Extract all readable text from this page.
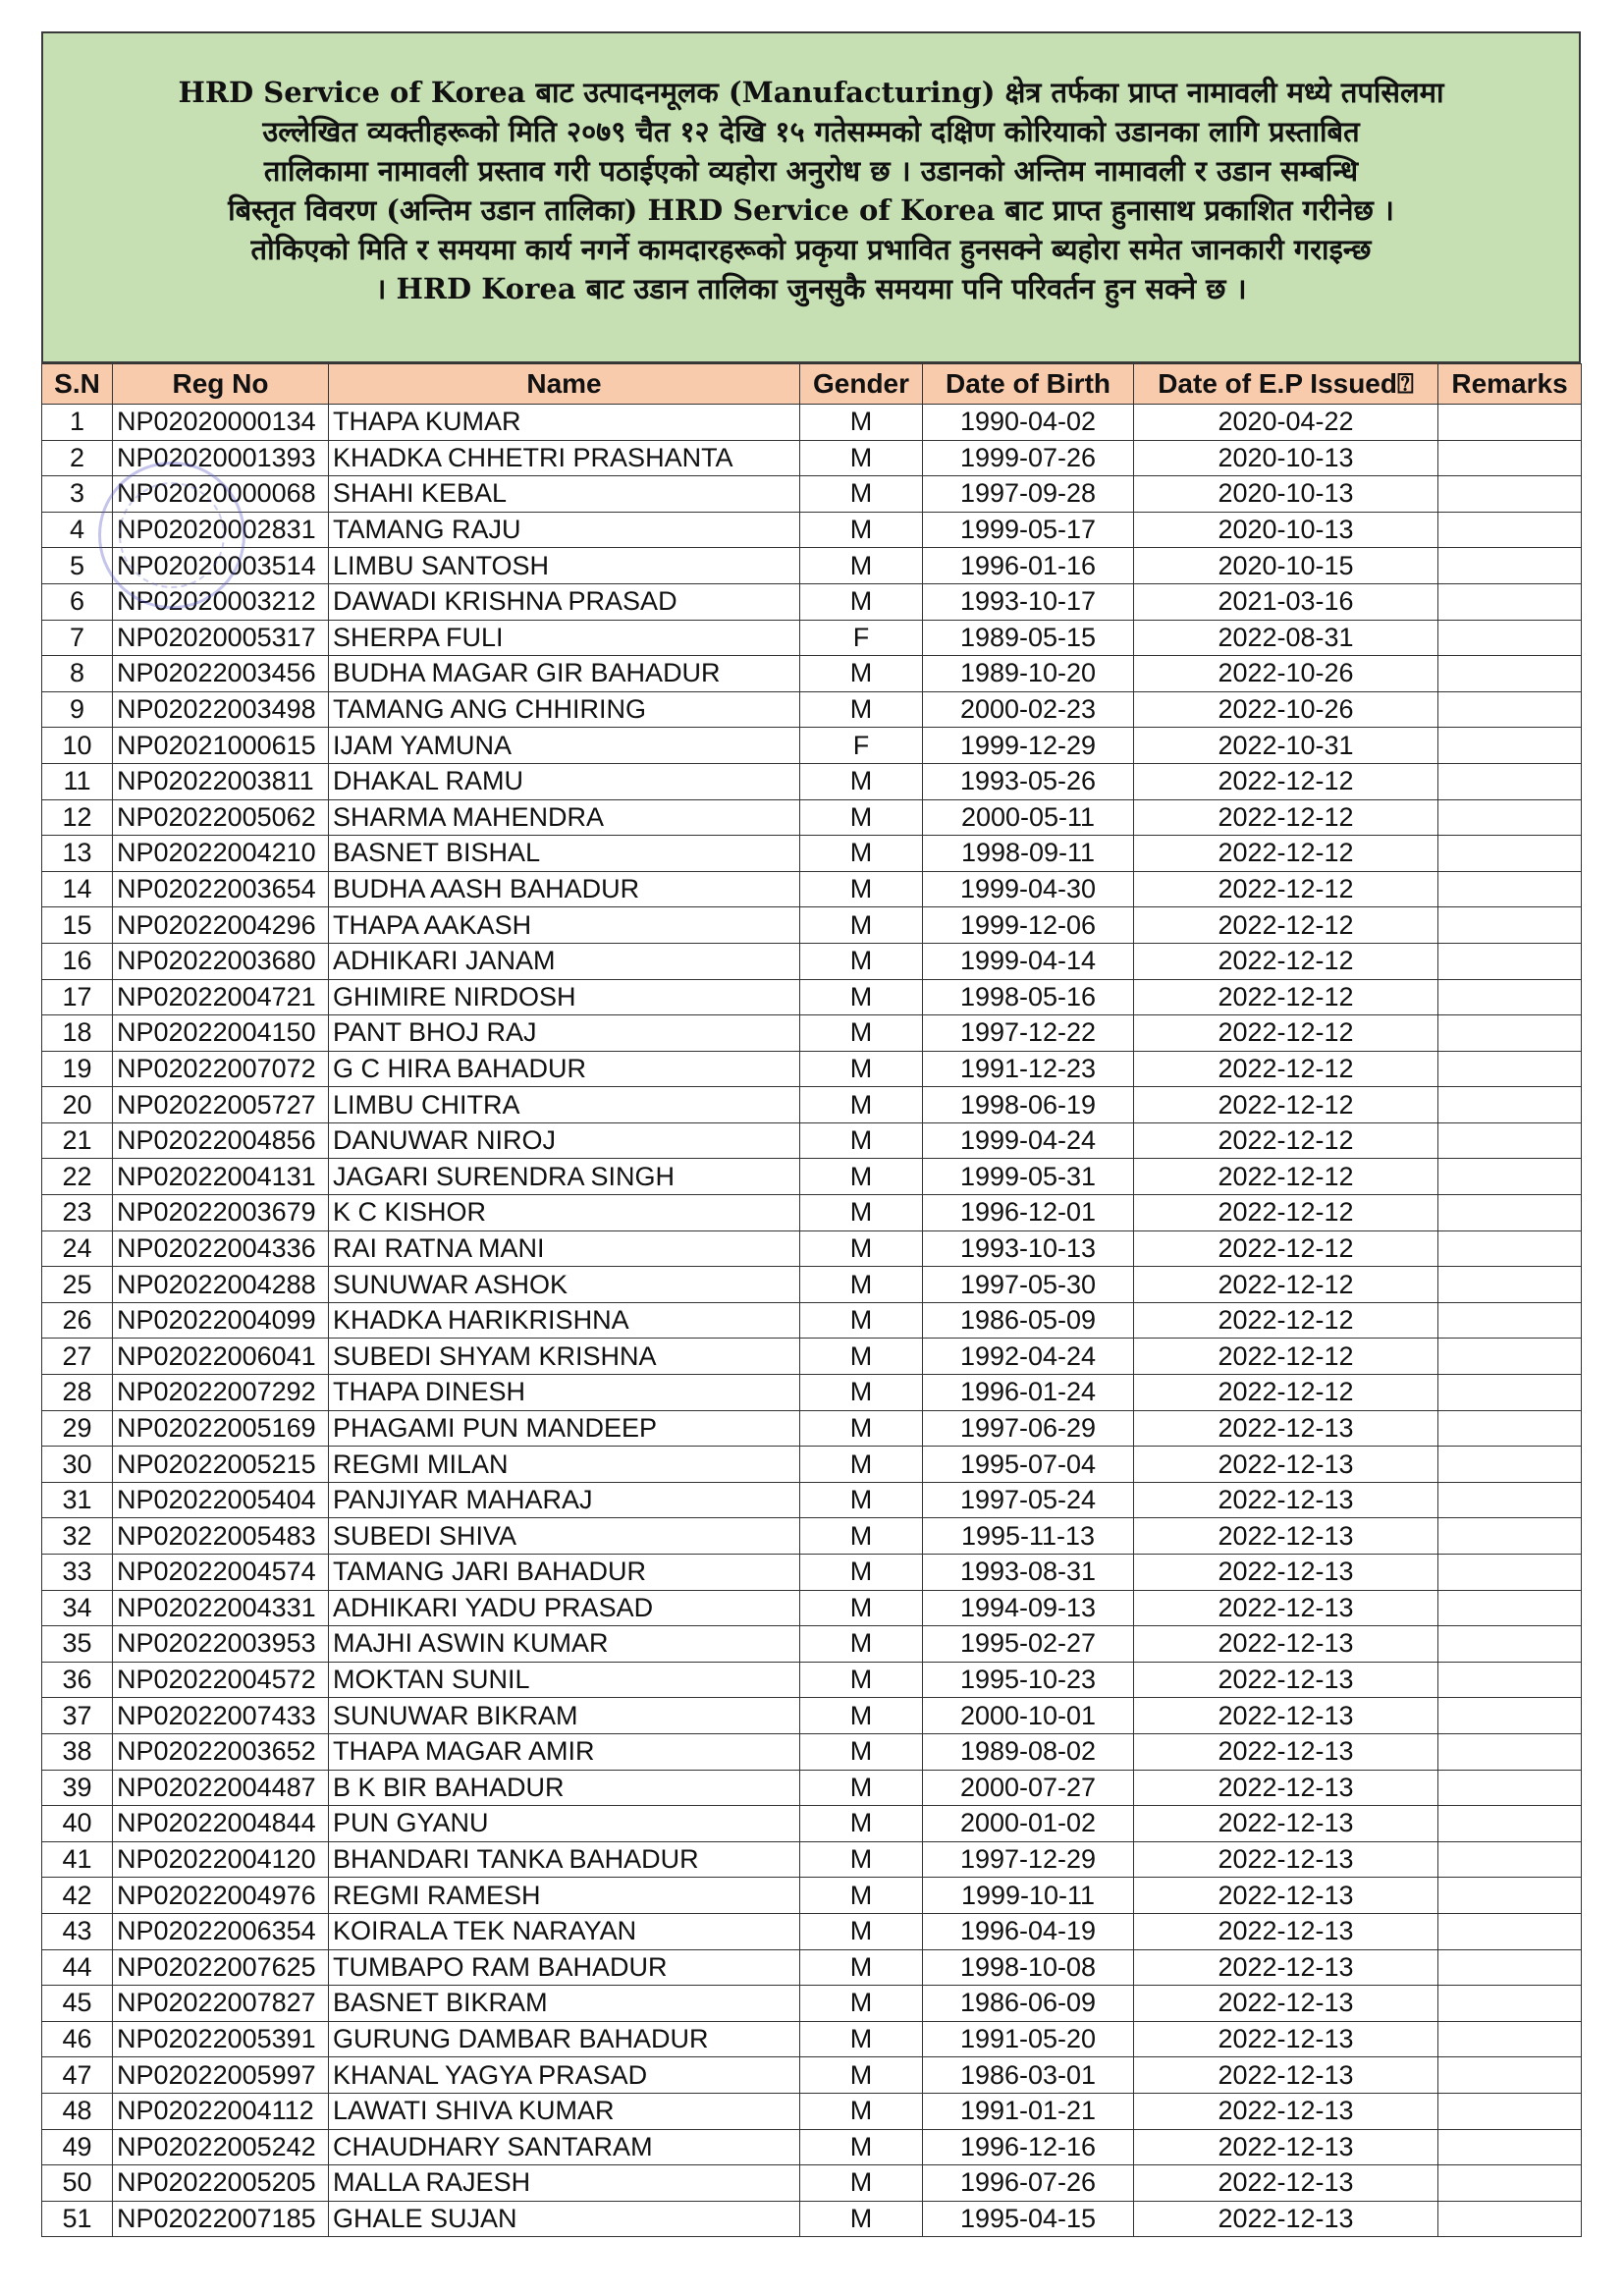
HRD Service of Korea बाट उत्पादनमूलक (Manufacturing) क्षेत्र तर्फका प्राप्त नामावली मध्ये तपसिलमा
उल्लेखित व्यक्तीहरूको मिति २०७९ चैत १२ देखि १५ गतेसम्मको दक्षिण कोरियाको उडानका लागि प्रस्ताबित
तालिकामा नामावली प्रस्ताव गरी पठाईएको व्यहोरा अनुरोध छ । उडानको अन्तिम नामावली र उडान सम्बन्धि
बिस्तृत विवरण (अन्तिम उडान तालिका) HRD Service of Korea बाट प्राप्त हुनासाथ प्रकाशित गरीनेछ ।
तोकिएको मिति र समयमा कार्य नगर्ने कामदारहरूको प्रकृया प्रभावित हुनसक्ने ब्यहोरा समेत जानकारी गराइन्छ
। HRD Korea बाट उडान तालिका जुनसुकै समयमा पनि परिवर्तन हुन सक्ने छ ।
S.N	Reg No	Name	Gender	Date of Birth	Date of E.P Issued⍰	Remarks
1	NP02020000134	THAPA KUMAR	M	1990-04-02	2020-04-22	
2	NP02020001393	KHADKA CHHETRI PRASHANTA	M	1999-07-26	2020-10-13	
3	NP02020000068	SHAHI KEBAL	M	1997-09-28	2020-10-13	
4	NP02020002831	TAMANG RAJU	M	1999-05-17	2020-10-13	
5	NP02020003514	LIMBU SANTOSH	M	1996-01-16	2020-10-15	
6	NP02020003212	DAWADI KRISHNA PRASAD	M	1993-10-17	2021-03-16	
7	NP02020005317	SHERPA FULI	F	1989-05-15	2022-08-31	
8	NP02022003456	BUDHA MAGAR GIR BAHADUR	M	1989-10-20	2022-10-26	
9	NP02022003498	TAMANG ANG CHHIRING	M	2000-02-23	2022-10-26	
10	NP02021000615	IJAM YAMUNA	F	1999-12-29	2022-10-31	
11	NP02022003811	DHAKAL RAMU	M	1993-05-26	2022-12-12	
12	NP02022005062	SHARMA MAHENDRA	M	2000-05-11	2022-12-12	
13	NP02022004210	BASNET BISHAL	M	1998-09-11	2022-12-12	
14	NP02022003654	BUDHA AASH BAHADUR	M	1999-04-30	2022-12-12	
15	NP02022004296	THAPA AAKASH	M	1999-12-06	2022-12-12	
16	NP02022003680	ADHIKARI JANAM	M	1999-04-14	2022-12-12	
17	NP02022004721	GHIMIRE NIRDOSH	M	1998-05-16	2022-12-12	
18	NP02022004150	PANT BHOJ RAJ	M	1997-12-22	2022-12-12	
19	NP02022007072	G C HIRA BAHADUR	M	1991-12-23	2022-12-12	
20	NP02022005727	LIMBU CHITRA	M	1998-06-19	2022-12-12	
21	NP02022004856	DANUWAR NIROJ	M	1999-04-24	2022-12-12	
22	NP02022004131	JAGARI SURENDRA SINGH	M	1999-05-31	2022-12-12	
23	NP02022003679	K C KISHOR	M	1996-12-01	2022-12-12	
24	NP02022004336	RAI RATNA MANI	M	1993-10-13	2022-12-12	
25	NP02022004288	SUNUWAR ASHOK	M	1997-05-30	2022-12-12	
26	NP02022004099	KHADKA HARIKRISHNA	M	1986-05-09	2022-12-12	
27	NP02022006041	SUBEDI SHYAM KRISHNA	M	1992-04-24	2022-12-12	
28	NP02022007292	THAPA DINESH	M	1996-01-24	2022-12-12	
29	NP02022005169	PHAGAMI PUN MANDEEP	M	1997-06-29	2022-12-13	
30	NP02022005215	REGMI MILAN	M	1995-07-04	2022-12-13	
31	NP02022005404	PANJIYAR MAHARAJ	M	1997-05-24	2022-12-13	
32	NP02022005483	SUBEDI SHIVA	M	1995-11-13	2022-12-13	
33	NP02022004574	TAMANG JARI BAHADUR	M	1993-08-31	2022-12-13	
34	NP02022004331	ADHIKARI YADU PRASAD	M	1994-09-13	2022-12-13	
35	NP02022003953	MAJHI ASWIN KUMAR	M	1995-02-27	2022-12-13	
36	NP02022004572	MOKTAN SUNIL	M	1995-10-23	2022-12-13	
37	NP02022007433	SUNUWAR BIKRAM	M	2000-10-01	2022-12-13	
38	NP02022003652	THAPA MAGAR AMIR	M	1989-08-02	2022-12-13	
39	NP02022004487	B K BIR BAHADUR	M	2000-07-27	2022-12-13	
40	NP02022004844	PUN GYANU	M	2000-01-02	2022-12-13	
41	NP02022004120	BHANDARI TANKA BAHADUR	M	1997-12-29	2022-12-13	
42	NP02022004976	REGMI RAMESH	M	1999-10-11	2022-12-13	
43	NP02022006354	KOIRALA TEK NARAYAN	M	1996-04-19	2022-12-13	
44	NP02022007625	TUMBAPO RAM BAHADUR	M	1998-10-08	2022-12-13	
45	NP02022007827	BASNET BIKRAM	M	1986-06-09	2022-12-13	
46	NP02022005391	GURUNG DAMBAR BAHADUR	M	1991-05-20	2022-12-13	
47	NP02022005997	KHANAL YAGYA PRASAD	M	1986-03-01	2022-12-13	
48	NP02022004112	LAWATI SHIVA KUMAR	M	1991-01-21	2022-12-13	
49	NP02022005242	CHAUDHARY SANTARAM	M	1996-12-16	2022-12-13	
50	NP02022005205	MALLA RAJESH	M	1996-07-26	2022-12-13	
51	NP02022007185	GHALE SUJAN	M	1995-04-15	2022-12-13	
